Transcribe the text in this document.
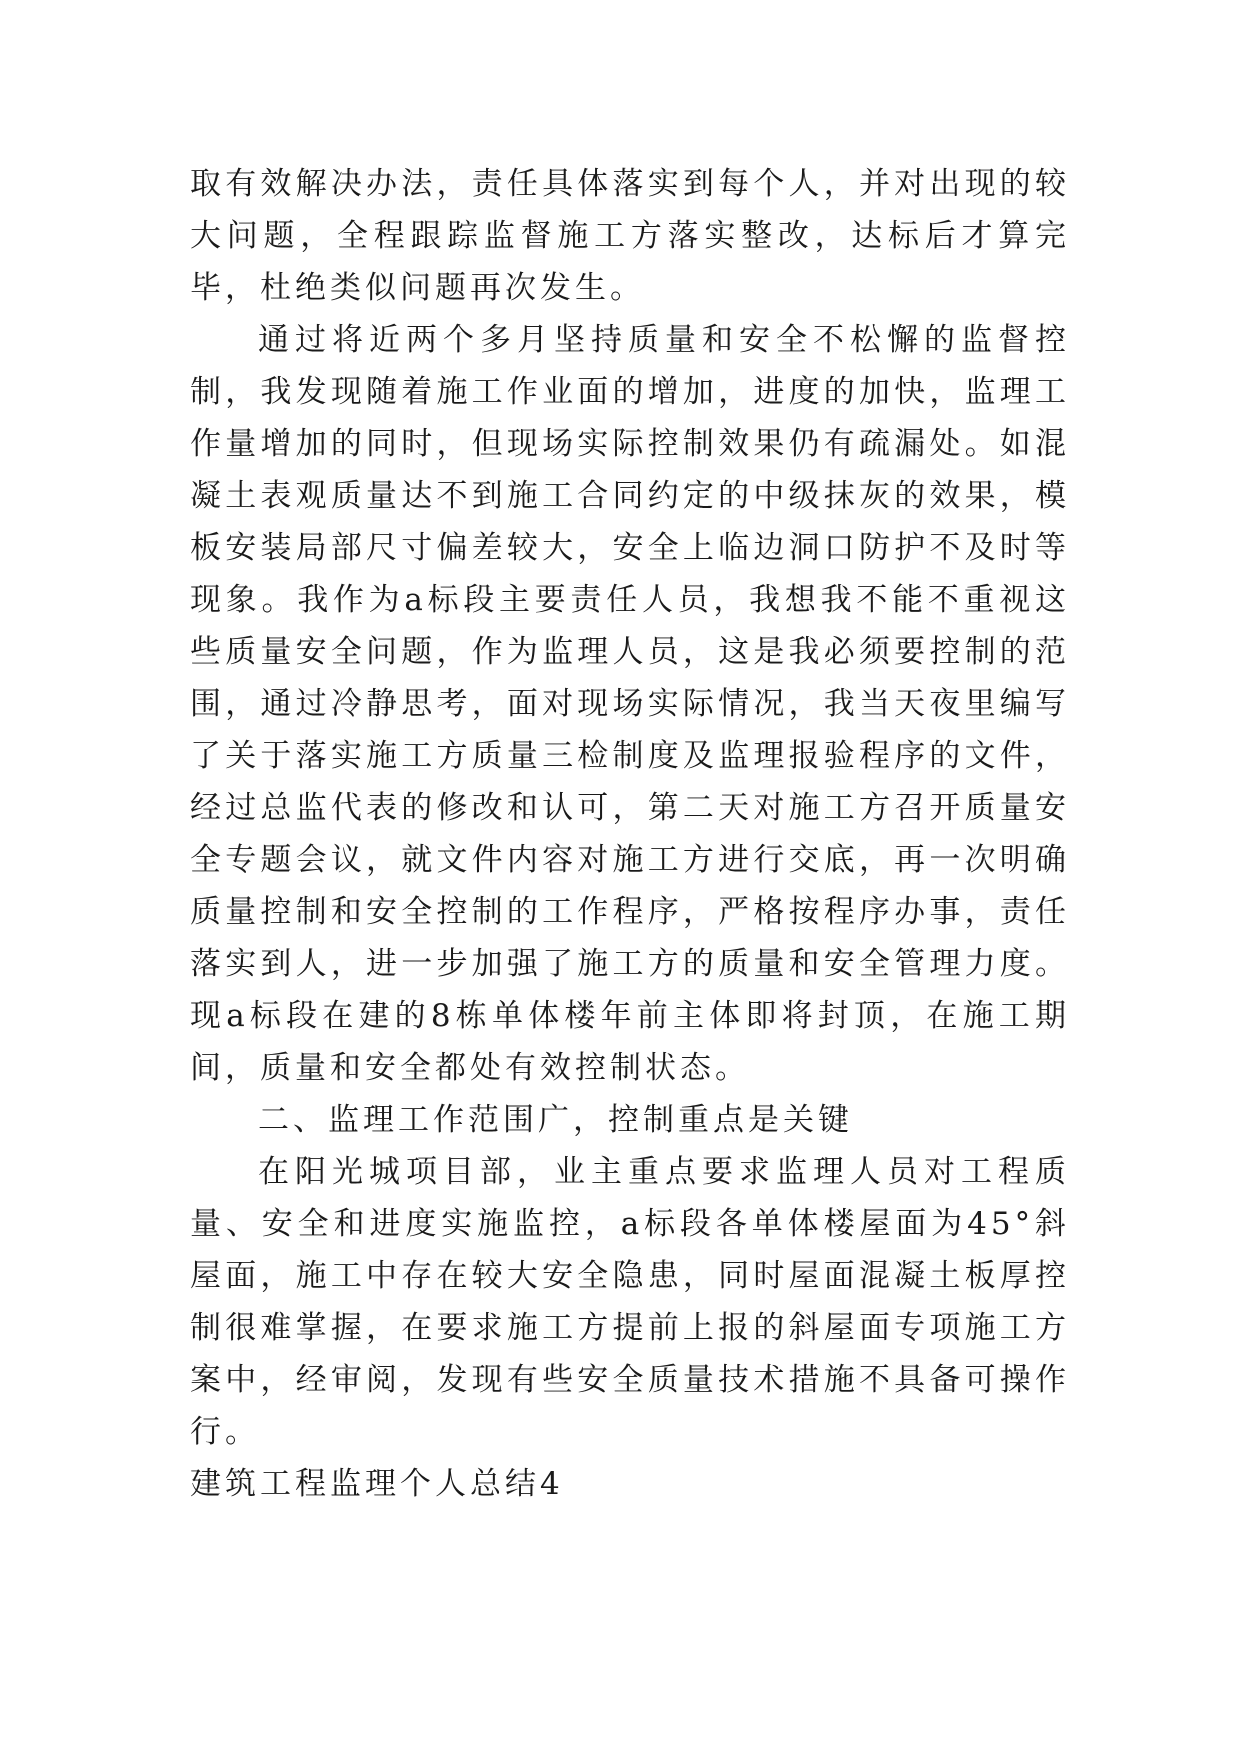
取有效解决办法，责任具体落实到每个人，并对出现的较大问题，全程跟踪监督施工方落实整改，达标后才算完毕，杜绝类似问题再次发生。

通过将近两个多月坚持质量和安全不松懈的监督控制，我发现随着施工作业面的增加，进度的加快，监理工作量增加的同时，但现场实际控制效果仍有疏漏处。如混凝土表观质量达不到施工合同约定的中级抹灰的效果，模板安装局部尺寸偏差较大，安全上临边洞口防护不及时等现象。我作为a标段主要责任人员，我想我不能不重视这些质量安全问题，作为监理人员，这是我必须要控制的范围，通过冷静思考，面对现场实际情况，我当天夜里编写了关于落实施工方质量三检制度及监理报验程序的文件，经过总监代表的修改和认可，第二天对施工方召开质量安全专题会议，就文件内容对施工方进行交底，再一次明确质量控制和安全控制的工作程序，严格按程序办事，责任落实到人，进一步加强了施工方的质量和安全管理力度。现a标段在建的8栋单体楼年前主体即将封顶，在施工期间，质量和安全都处有效控制状态。

二、监理工作范围广，控制重点是关键

在阳光城项目部，业主重点要求监理人员对工程质量、安全和进度实施监控，a标段各单体楼屋面为45°斜屋面，施工中存在较大安全隐患，同时屋面混凝土板厚控制很难掌握，在要求施工方提前上报的斜屋面专项施工方案中，经审阅，发现有些安全质量技术措施不具备可操作行。

建筑工程监理个人总结4
